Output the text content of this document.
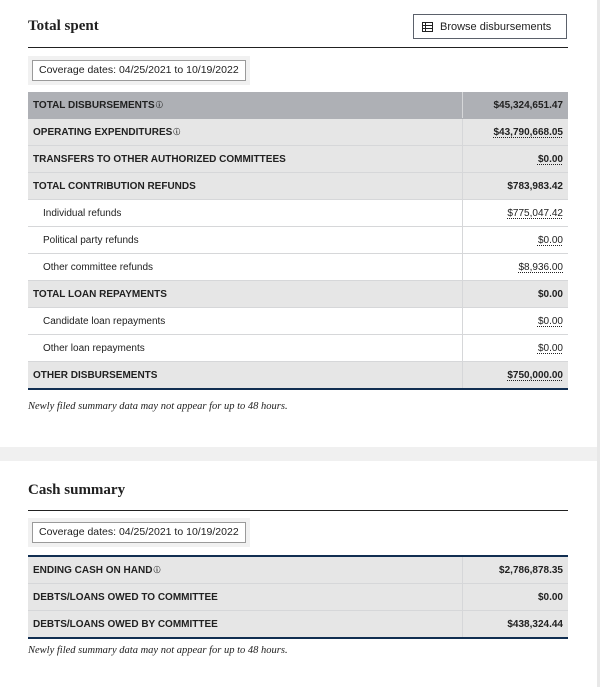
Total spent	Browse disbursements
Coverage dates: 04/25/2021 to 10/19/2022
TOTAL DISBURSEMENTSⓘ	$45,324,651.47
OPERATING EXPENDITURESⓘ	$43,790,668.05
TRANSFERS TO OTHER AUTHORIZED COMMITTEES	$0.00
TOTAL CONTRIBUTION REFUNDS	$783,983.42
Individual refunds	$775,047.42
Political party refunds	$0.00
Other committee refunds	$8,936.00
TOTAL LOAN REPAYMENTS	$0.00
Candidate loan repayments	$0.00
Other loan repayments	$0.00
OTHER DISBURSEMENTS	$750,000.00
Newly filed summary data may not appear for up to 48 hours.
Cash summary
Coverage dates: 04/25/2021 to 10/19/2022
ENDING CASH ON HANDⓘ	$2,786,878.35
DEBTS/LOANS OWED TO COMMITTEE	$0.00
DEBTS/LOANS OWED BY COMMITTEE	$438,324.44
Newly filed summary data may not appear for up to 48 hours.
